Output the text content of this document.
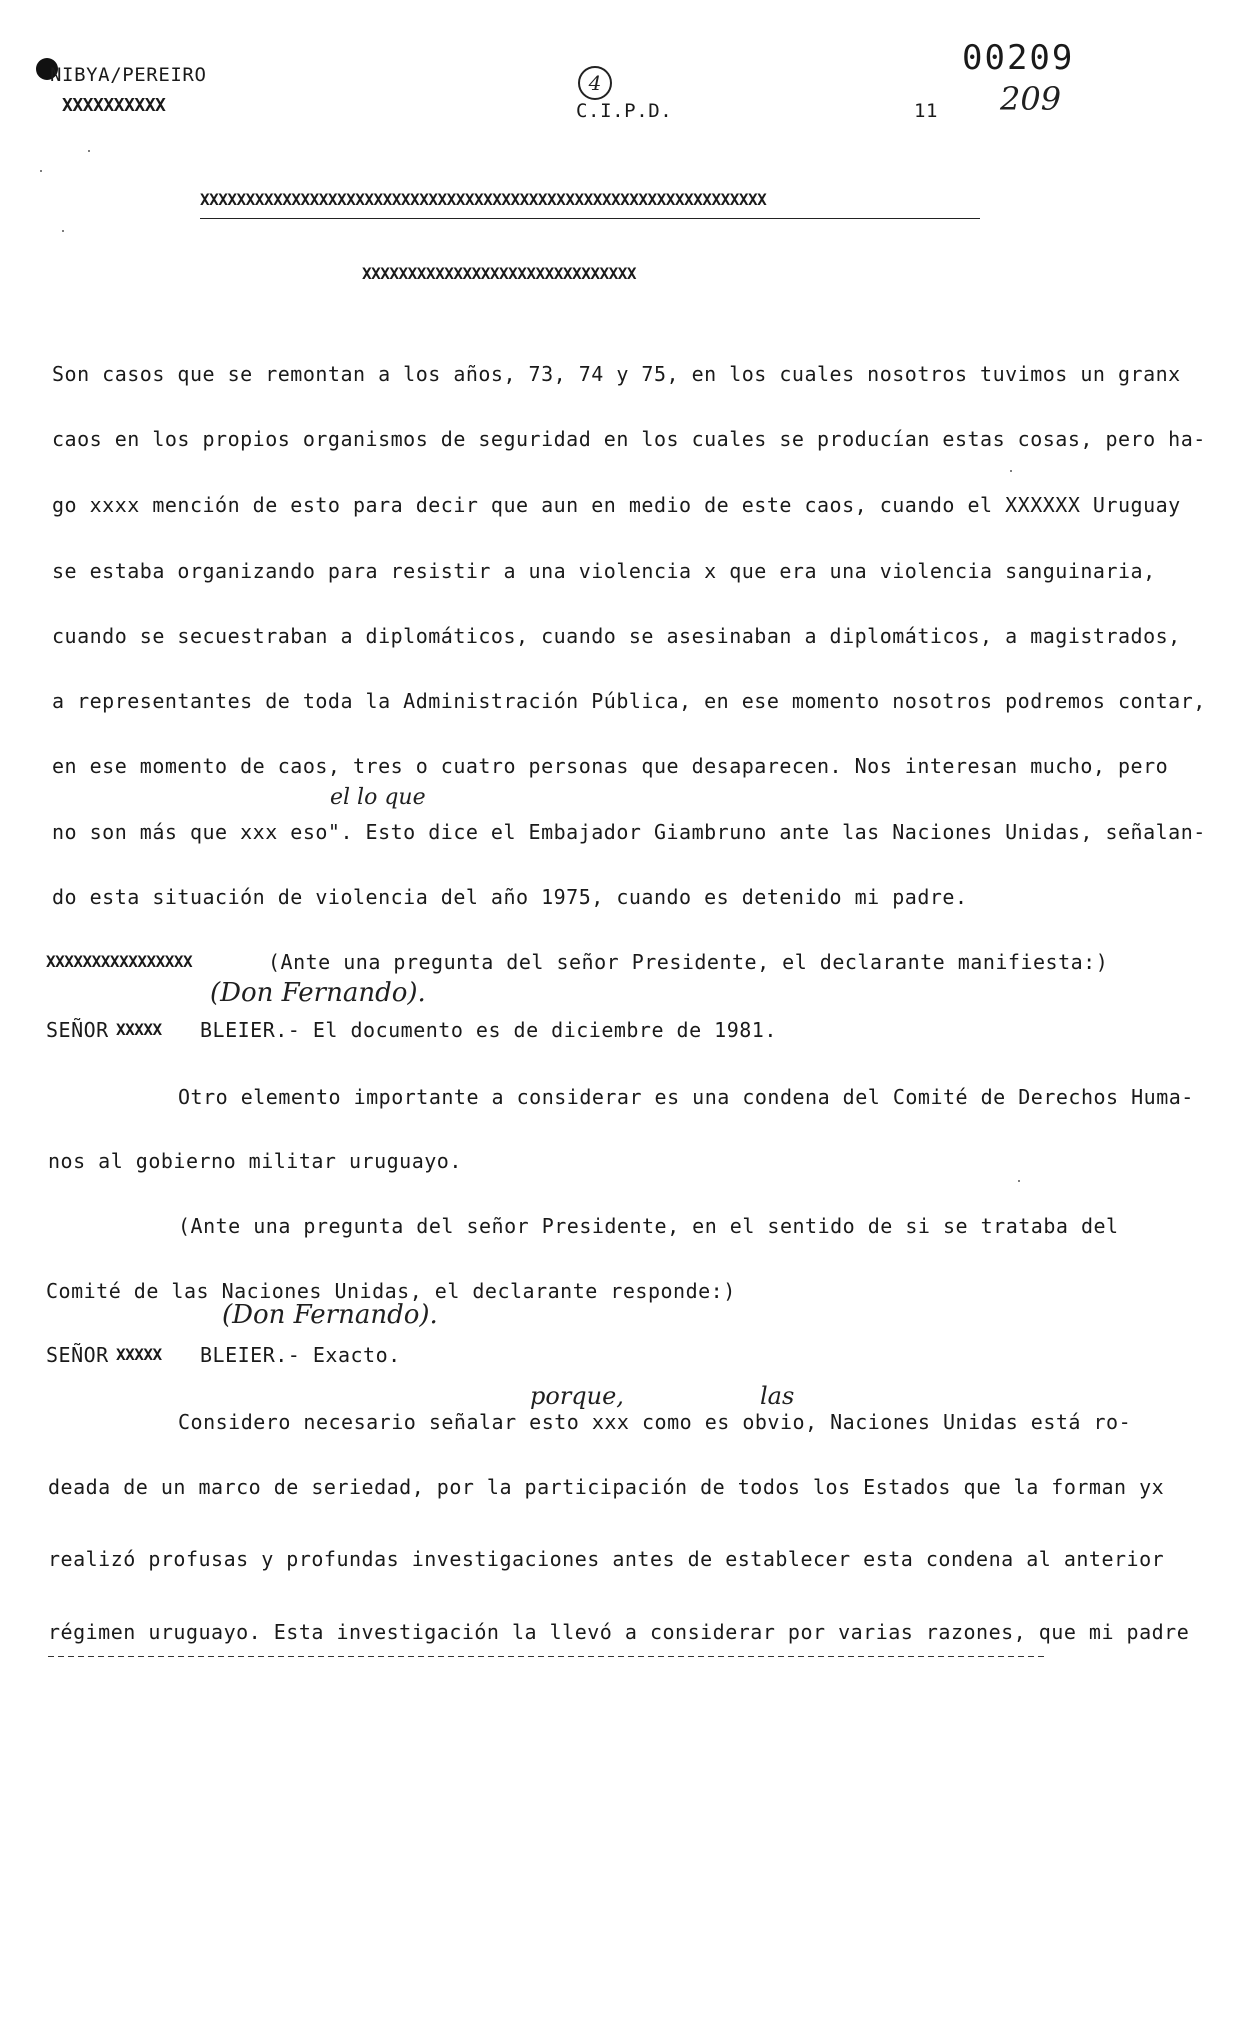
NIBYA/PEREIRO
XXXXXXXXXX
4
C.I.P.D.	11
00209
209
XXXXXXXXXXXXXXXXXXXXXXXXXXXXXXXXXXXXXXXXXXXXXXXXXXXXXXXXXXXXXX
XXXXXXXXXXXXXXXXXXXXXXXXXXXXXX
Son casos que se remontan a los años, 73, 74 y 75, en los cuales nosotros tuvimos un granx
caos en los propios organismos de seguridad en los cuales se producían estas cosas, pero ha-
go xxxx mención de esto para decir que aun en medio de este caos, cuando el XXXXXX Uruguay
se estaba organizando para resistir a una violencia x que era una violencia sanguinaria,
cuando se secuestraban a diplomáticos, cuando se asesinaban a diplomáticos, a magistrados,
a representantes de toda la Administración Pública, en ese momento nosotros podremos contar,
en ese momento de caos, tres o cuatro personas que desaparecen. Nos interesan mucho, pero
el lo que
no son más que xxx eso". Esto dice el Embajador Giambruno ante las Naciones Unidas, señalan-
do esta situación de violencia del año 1975, cuando es detenido mi padre.
XXXXXXXXXXXXXXXX	(Ante una pregunta del señor Presidente, el declarante manifiesta:)
(Don Fernando).
SEÑOR XXXXX BLEIER.- El documento es de diciembre de 1981.
Otro elemento importante a considerar es una condena del Comité de Derechos Huma-
nos al gobierno militar uruguayo.
(Ante una pregunta del señor Presidente, en el sentido de si se trataba del
Comité de las Naciones Unidas, el declarante responde:)
(Don Fernando).
SEÑOR XXXXX BLEIER.- Exacto.
porque,	las
Considero necesario señalar esto xxx como es obvio, Naciones Unidas está ro-
deada de un marco de seriedad, por la participación de todos los Estados que la forman yx
realizó profusas y profundas investigaciones antes de establecer esta condena al anterior
régimen uruguayo. Esta investigación la llevó a considerar por varias razones, que mi padre
